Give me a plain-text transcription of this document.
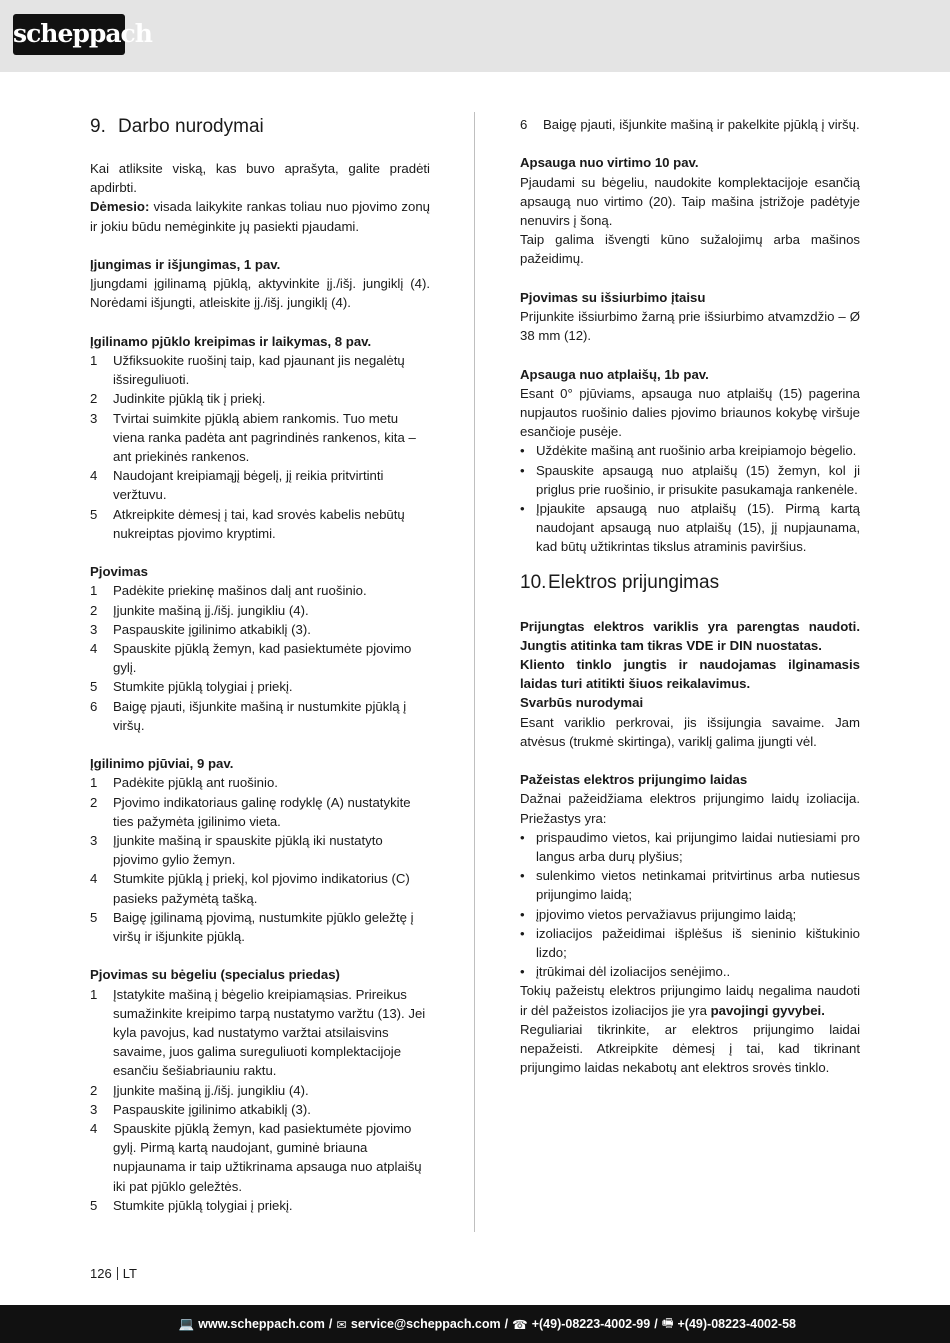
scheppach
9. Darbo nurodymai

Kai atliksite viską, kas buvo aprašyta, galite pradėti apdirbti.

Dėmesio: visada laikykite rankas toliau nuo pjovimo zonų ir jokiu būdu nemėginkite jų pasiekti pjaudami.

Įjungimas ir išjungimas, 1 pav.

Įjungdami įgilinamą pjūklą, aktyvinkite įj./išj. jungiklį (4). Norėdami išjungti, atleiskite įj./išj. jungiklį (4).

Įgilinamo pjūklo kreipimas ir laikymas, 8 pav.
1	Užfiksuokite ruošinį taip, kad pjaunant jis negalėtų išsireguliuoti.
2	Judinkite pjūklą tik į priekį.
3	Tvirtai suimkite pjūklą abiem rankomis. Tuo metu viena ranka padėta ant pagrindinės rankenos, kita – ant priekinės rankenos.
4	Naudojant kreipiamąjį bėgelį, jį reikia pritvirtinti veržtuvu.
5	Atkreipkite dėmesį į tai, kad srovės kabelis nebūtų nukreiptas pjovimo kryptimi.
Pjovimas
1	Padėkite priekinę mašinos dalį ant ruošinio.
2	Įjunkite mašiną įj./išj. jungikliu (4).
3	Paspauskite įgilinimo atkabiklį (3).
4	Spauskite pjūklą žemyn, kad pasiektumėte pjovimo gylį.
5	Stumkite pjūklą tolygiai į priekį.
6	Baigę pjauti, išjunkite mašiną ir nustumkite pjūklą į viršų.
Įgilinimo pjūviai, 9 pav.
1	Padėkite pjūklą ant ruošinio.
2	Pjovimo indikatoriaus galinę rodyklę (A) nustatykite ties pažymėta įgilinimo vieta.
3	Įjunkite mašiną ir spauskite pjūklą iki nustatyto pjovimo gylio žemyn.
4	Stumkite pjūklą į priekį, kol pjovimo indikatorius (C) pasieks pažymėtą tašką.
5	Baigę įgilinamą pjovimą, nustumkite pjūklo geležtę į viršų ir išjunkite pjūklą.
Pjovimas su bėgeliu (specialus priedas)
1	Įstatykite mašiną į bėgelio kreipiamąsias. Prireikus sumažinkite kreipimo tarpą nustatymo varžtu (13). Jei kyla pavojus, kad nustatymo varžtai atsilaisvins savaime, juos galima sureguliuoti komplektacijoje esančiu šešiabriauniu raktu.
2	Įjunkite mašiną įj./išj. jungikliu (4).
3	Paspauskite įgilinimo atkabiklį (3).
4	Spauskite pjūklą žemyn, kad pasiektumėte pjovimo gylį. Pirmą kartą naudojant, guminė briauna nupjaunama ir taip užtikrinama apsauga nuo atplaišų iki pat pjūklo geležtės.
5	Stumkite pjūklą tolygiai į priekį.
6	Baigę pjauti, išjunkite mašiną ir pakelkite pjūklą į viršų.
Apsauga nuo virtimo 10 pav.

Pjaudami su bėgeliu, naudokite komplektacijoje esančią apsaugą nuo virtimo (20). Taip mašina įstrižoje padėtyje nenuvirs į šoną.

Taip galima išvengti kūno sužalojimų arba mašinos pažeidimų.

Pjovimas su išsiurbimo įtaisu

Prijunkite išsiurbimo žarną prie išsiurbimo atvamzdžio – Ø 38 mm (12).

Apsauga nuo atplaišų, 1b pav.

Esant 0° pjūviams, apsauga nuo atplaišų (15) pagerina nupjautos ruošinio dalies pjovimo briaunos kokybę viršuje esančioje pusėje.

• Uždėkite mašiną ant ruošinio arba kreipiamojo bėgelio.
• Spauskite apsaugą nuo atplaišų (15) žemyn, kol ji priglus prie ruošinio, ir prisukite pasukamąja rankenėle.
• Įpjaukite apsaugą nuo atplaišų (15). Pirmą kartą naudojant apsaugą nuo atplaišų (15), jį nupjaunama, kad būtų užtikrintas tikslus atraminis paviršius.
10. Elektros prijungimas

Prijungtas elektros variklis yra parengtas naudoti. Jungtis atitinka tam tikras VDE ir DIN nuostatas.

Kliento tinklo jungtis ir naudojamas ilginamasis laidas turi atitikti šiuos reikalavimus.

Svarbūs nurodymai

Esant variklio perkrovai, jis išsijungia savaime. Jam atvėsus (trukmė skirtinga), variklį galima įjungti vėl.

Pažeistas elektros prijungimo laidas

Dažnai pažeidžiama elektros prijungimo laidų izoliacija. Priežastys yra:

• prispaudimo vietos, kai prijungimo laidai nutiesiami pro langus arba durų plyšius;
• sulenkimo vietos netinkamai pritvirtinus arba nutiesus prijungimo laidą;
• įpjovimo vietos pervažiavus prijungimo laidą;
• izoliacijos pažeidimai išplėšus iš sieninio kištukinio lizdo;
• įtrūkimai dėl izoliacijos senėjimo..

Tokių pažeistų elektros prijungimo laidų negalima naudoti ir dėl pažeistos izoliacijos jie yra pavojingi gyvybei.

Reguliariai tikrinkite, ar elektros prijungimo laidai nepažeisti. Atkreipkite dėmesį į tai, kad tikrinant prijungimo laidas nekabotų ant elektros srovės tinklo.

126 LT
💻 www.scheppach.com / ✉ service@scheppach.com / ☎ +(49)-08223-4002-99 / 🖷 +(49)-08223-4002-58
